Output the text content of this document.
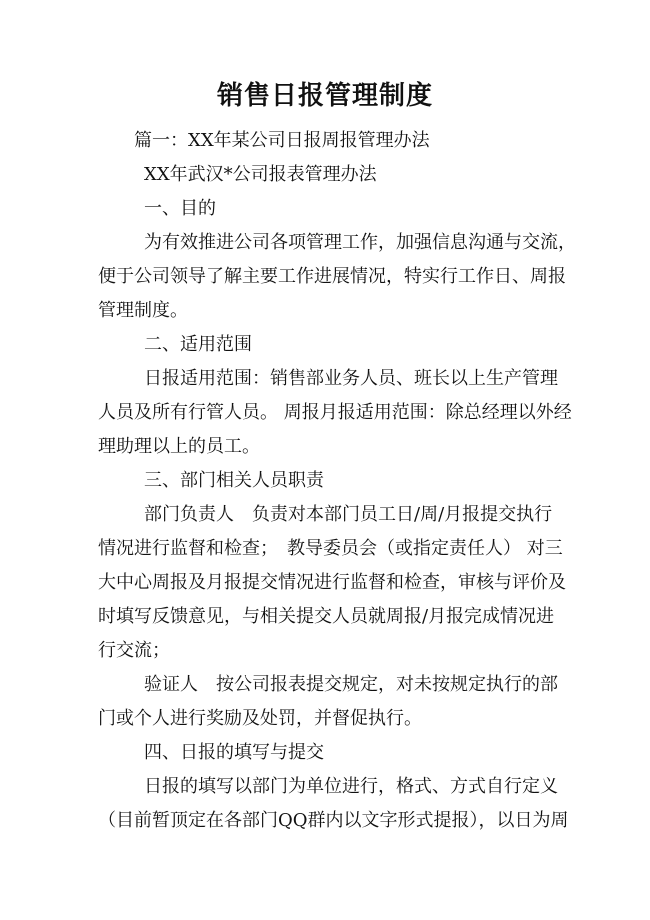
销售日报管理制度
篇一：XX年某公司日报周报管理办法
XX年武汉*公司报表管理办法
一、目的
为有效推进公司各项管理工作，加强信息沟通与交流，
便于公司领导了解主要工作进展情况，特实行工作日、周报
管理制度。
二、适用范围
日报适用范围：销售部业务人员、班长以上生产管理
人员及所有行管人员。 周报月报适用范围：除总经理以外经
理助理以上的员工。
三、部门相关人员职责
部门负责人　负责对本部门员工日/周/月报提交执行
情况进行监督和检查；　教导委员会（或指定责任人） 对三
大中心周报及月报提交情况进行监督和检查，审核与评价及
时填写反馈意见，与相关提交人员就周报/月报完成情况进
行交流；
验证人　按公司报表提交规定，对未按规定执行的部
门或个人进行奖励及处罚，并督促执行。
四、日报的填写与提交
日报的填写以部门为单位进行，格式、方式自行定义
（目前暂顶定在各部门QQ群内以文字形式提报），以日为周
